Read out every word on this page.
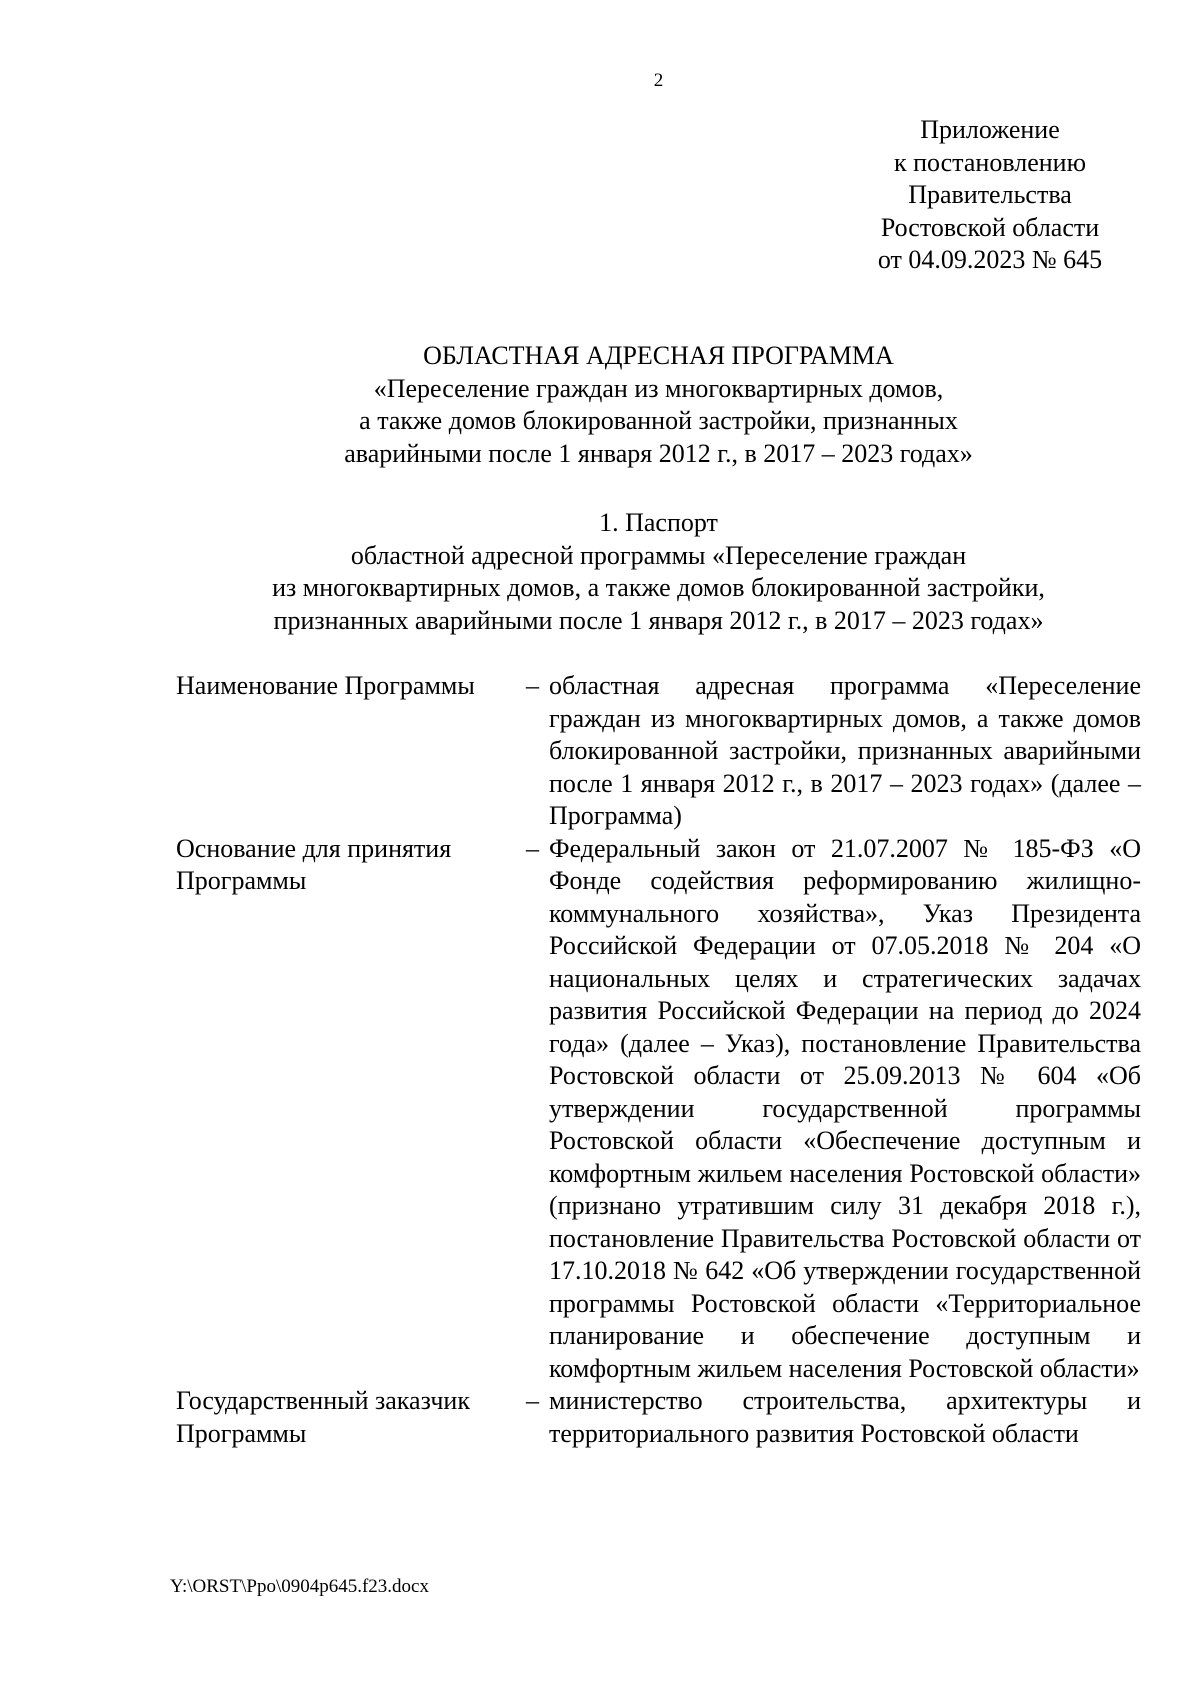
2
Приложение
к постановлению
Правительства
Ростовской области
от 04.09.2023 № 645
ОБЛАСТНАЯ АДРЕСНАЯ ПРОГРАММА
«Переселение граждан из многоквартирных домов,
а также домов блокированной застройки, признанных
аварийными после 1 января 2012 г., в 2017 – 2023 годах»
1. Паспорт
областной адресной программы «Переселение граждан
из многоквартирных домов, а также домов блокированной застройки,
признанных аварийными после 1 января 2012 г., в 2017 – 2023 годах»
Наименование Программы	– областная адресная программа «Переселение граждан из многоквартирных домов, а также домов блокированной застройки, признанных аварийными после 1 января 2012 г., в 2017 – 2023 годах» (далее – Программа)
Основание для принятия Программы
– Федеральный закон от 21.07.2007 № 185-ФЗ «О Фонде содействия реформированию жилищно-коммунального хозяйства», Указ Президента Российской Федерации от 07.05.2018 № 204 «О национальных целях и стратегических задачах развития Российской Федерации на период до 2024 года» (далее – Указ), постановление Правительства Ростовской области от 25.09.2013 № 604 «Об утверждении государственной программы Ростовской области «Обеспечение доступным и комфортным жильем населения Ростовской области» (признано утратившим силу 31 декабря 2018 г.), постановление Правительства Ростовской области от 17.10.2018 № 642 «Об утверждении государственной программы Ростовской области «Территориальное планирование и обеспечение доступным и комфортным жильем населения Ростовской области»
Государственный заказчик Программы
– министерство строительства, архитектуры и территориального развития Ростовской области
Y:\ORST\Ppo\0904p645.f23.docx
